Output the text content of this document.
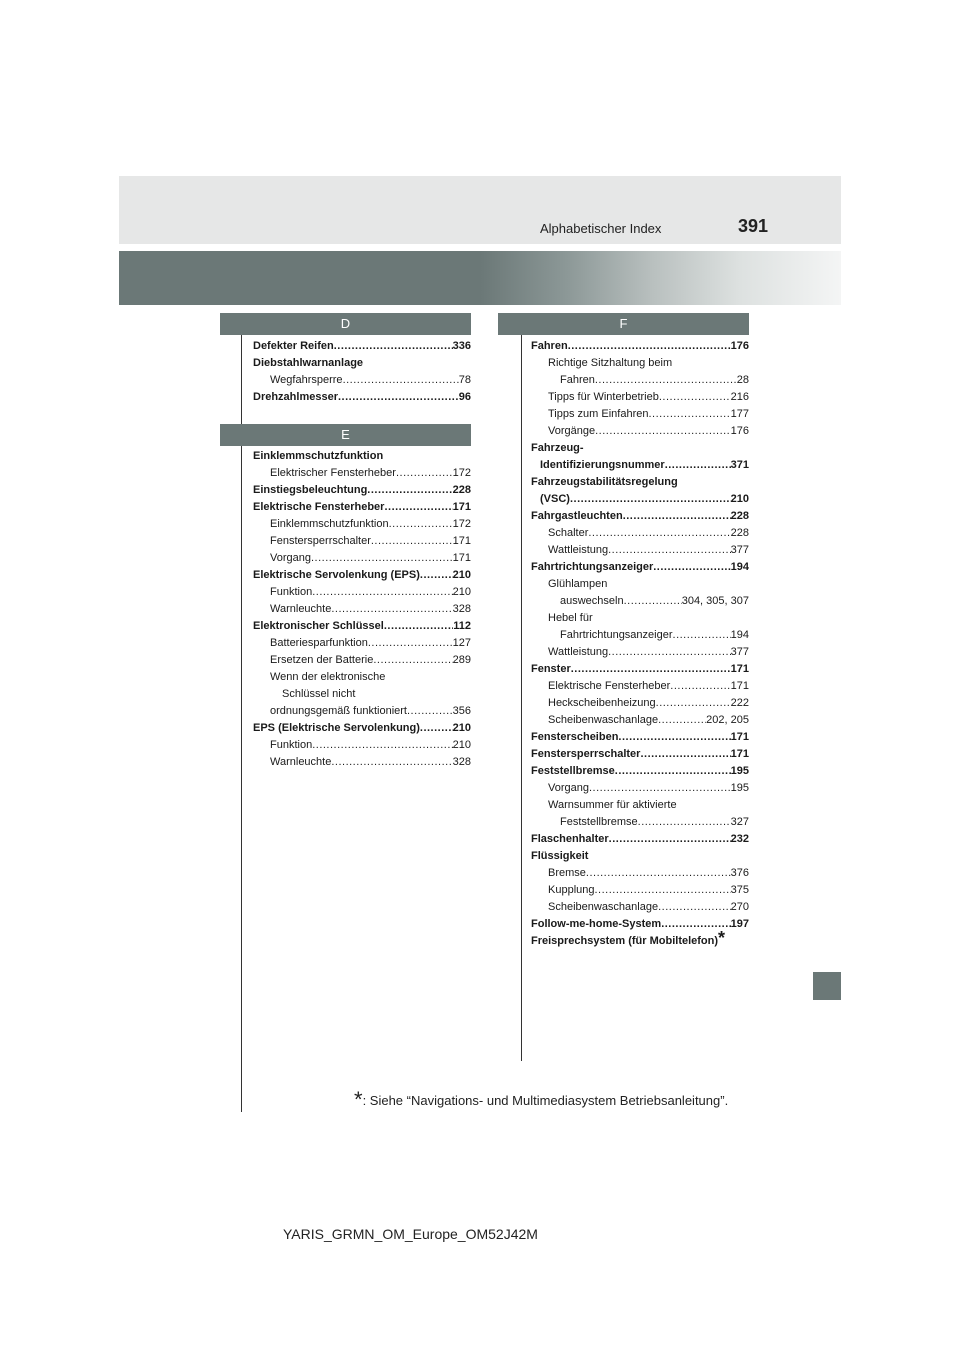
Alphabetischer Index	391
D
Defekter Reifen .....	336
Diebstahlwarnanlage
Wegfahrsperre .....	78
Drehzahlmesser .....	96
E
Einklemmschutzfunktion
Elektrischer Fensterheber .....	172
Einstiegsbeleuchtung .....	228
Elektrische Fensterheber .....	171
Einklemmschutzfunktion .....	172
Fenstersperrschalter .....	171
Vorgang .....	171
Elektrische Servolenkung (EPS) .....	210
Funktion .....	210
Warnleuchte .....	328
Elektronischer Schlüssel .....	112
Batteriesparfunktion .....	127
Ersetzen der Batterie .....	289
Wenn der elektronische
Schlüssel nicht
ordnungsgemäß funktioniert .....	356
EPS (Elektrische Servolenkung) .....	210
Funktion .....	210
Warnleuchte .....	328
F
Fahren .....	176
Richtige Sitzhaltung beim
Fahren .....	28
Tipps für Winterbetrieb .....	216
Tipps zum Einfahren .....	177
Vorgänge .....	176
Fahrzeug-
Identifizierungsnummer .....	371
Fahrzeugstabilitätsregelung
(VSC) .....	210
Fahrgastleuchten .....	228
Schalter .....	228
Wattleistung .....	377
Fahrtrichtungsanzeiger .....	194
Glühlampen
auswechseln .....	304, 305, 307
Hebel für
Fahrtrichtungsanzeiger .....	194
Wattleistung .....	377
Fenster .....	171
Elektrische Fensterheber .....	171
Heckscheibenheizung .....	222
Scheibenwaschanlage .....	202, 205
Fensterscheiben .....	171
Fenstersperrschalter .....	171
Feststellbremse .....	195
Vorgang .....	195
Warnsummer für aktivierte
Feststellbremse .....	327
Flaschenhalter .....	232
Flüssigkeit
Bremse .....	376
Kupplung .....	375
Scheibenwaschanlage .....	270
Follow-me-home-System .....	197
Freisprechsystem (für Mobiltelefon)*
*: Siehe “Navigations- und Multimediasystem Betriebsanleitung”.
YARIS_GRMN_OM_Europe_OM52J42M
